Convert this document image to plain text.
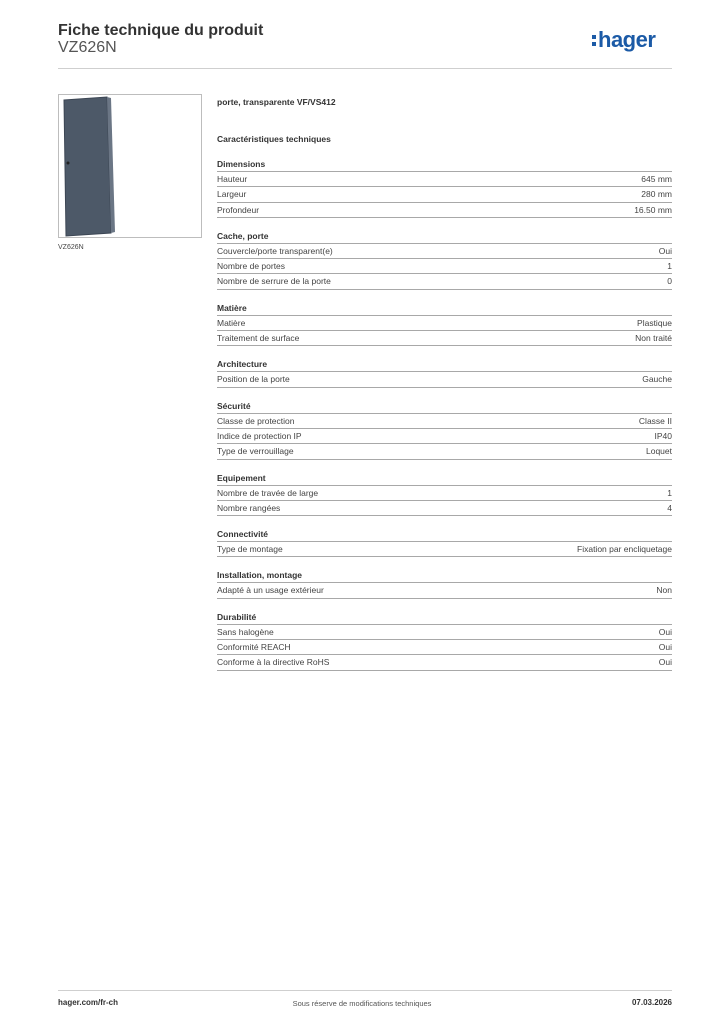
Fiche technique du produit
VZ626N	hager
VZ626N
porte, transparente VF/VS412
Caractéristiques techniques
Dimensions
Hauteur	645 mm
Largeur	280 mm
Profondeur	16.50 mm
Cache, porte
Couvercle/porte transparent(e)	Oui
Nombre de portes	1
Nombre de serrure de la porte	0
Matière
Matière	Plastique
Traitement de surface	Non traité
Architecture
Position de la porte	Gauche
Sécurité
Classe de protection	Classe II
Indice de protection IP	IP40
Type de verrouillage	Loquet
Equipement
Nombre de travée de large	1
Nombre rangées	4
Connectivité
Type de montage	Fixation par encliquetage
Installation, montage
Adapté à un usage extérieur	Non
Durabilité
Sans halogène	Oui
Conformité REACH	Oui
Conforme à la directive RoHS	Oui
hager.com/fr-ch	Sous réserve de modifications techniques	07.03.2026
